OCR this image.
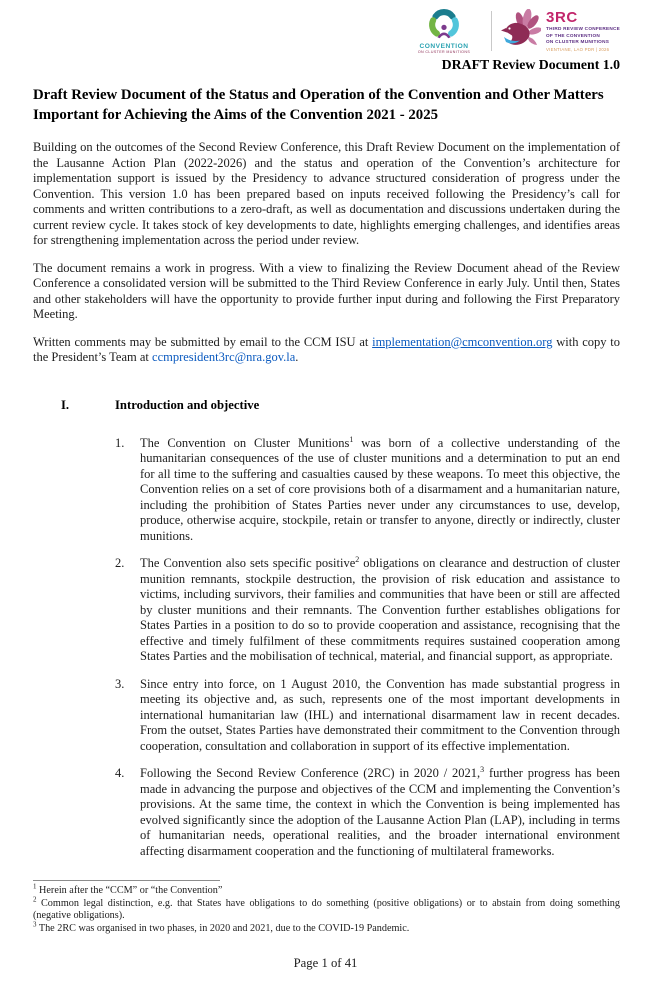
CONVENTION
ON CLUSTER MUNITIONS
3RC
THIRD REVIEW CONFERENCE
OF THE CONVENTION
ON CLUSTER MUNITIONS
VIENTIANE, LAO PDR | 2026
DRAFT Review Document 1.0
Draft Review Document of the Status and Operation of the Convention and Other Matters Important for Achieving the Aims of the Convention 2021 - 2025

Building on the outcomes of the Second Review Conference, this Draft Review Document on the implementation of the Lausanne Action Plan (2022-2026) and the status and operation of the Convention’s architecture for implementation support is issued by the Presidency to advance structured consideration of progress under the Convention. This version 1.0 has been prepared based on inputs received following the Presidency’s call for comments and written contributions to a zero-draft, as well as documentation and discussions undertaken during the current review cycle. It takes stock of key developments to date, highlights emerging challenges, and identifies areas for strengthening implementation across the period under review.

The document remains a work in progress. With a view to finalizing the Review Document ahead of the Review Conference a consolidated version will be submitted to the Third Review Conference in early July. Until then, States and other stakeholders will have the opportunity to provide further input during and following the First Preparatory Meeting.

Written comments may be submitted by email to the CCM ISU at implementation@cmconvention.org with copy to the President’s Team at ccmpresident3rc@nra.gov.la.

I.	Introduction and objective
1.	The Convention on Cluster Munitions$^1$ was born of a collective understanding of the humanitarian consequences of the use of cluster munitions and a determination to put an end for all time to the suffering and casualties caused by these weapons. To meet this objective, the Convention relies on a set of core provisions both of a disarmament and a humanitarian nature, including the prohibition of States Parties never under any circumstances to use, develop, produce, otherwise acquire, stockpile, retain or transfer to anyone, directly or indirectly, cluster munitions.
2.	The Convention also sets specific positive$^2$ obligations on clearance and destruction of cluster munition remnants, stockpile destruction, the provision of risk education and assistance to victims, including survivors, their families and communities that have been or still are affected by cluster munitions and their remnants. The Convention further establishes obligations for States Parties in a position to do so to provide cooperation and assistance, recognising that the effective and timely fulfilment of these commitments requires sustained cooperation among States Parties and the mobilisation of technical, material, and financial support, as appropriate.
3.	Since entry into force, on 1 August 2010, the Convention has made substantial progress in meeting its objective and, as such, represents one of the most important developments in international humanitarian law (IHL) and international disarmament law in recent decades. From the outset, States Parties have demonstrated their commitment to the Convention through cooperation, consultation and collaboration in support of its effective implementation.
4.	Following the Second Review Conference (2RC) in 2020 / 2021,$^3$ further progress has been made in advancing the purpose and objectives of the CCM and implementing the Convention’s provisions. At the same time, the context in which the Convention is being implemented has evolved significantly since the adoption of the Lausanne Action Plan (LAP), including in terms of humanitarian needs, operational realities, and the broader international environment affecting disarmament cooperation and the functioning of multilateral frameworks.
$^1$ Herein after the “CCM” or “the Convention”
$^2$ Common legal distinction, e.g. that States have obligations to do something (positive obligations) or to abstain from doing something (negative obligations).
$^3$ The 2RC was organised in two phases, in 2020 and 2021, due to the COVID-19 Pandemic.
Page 1 of 41
